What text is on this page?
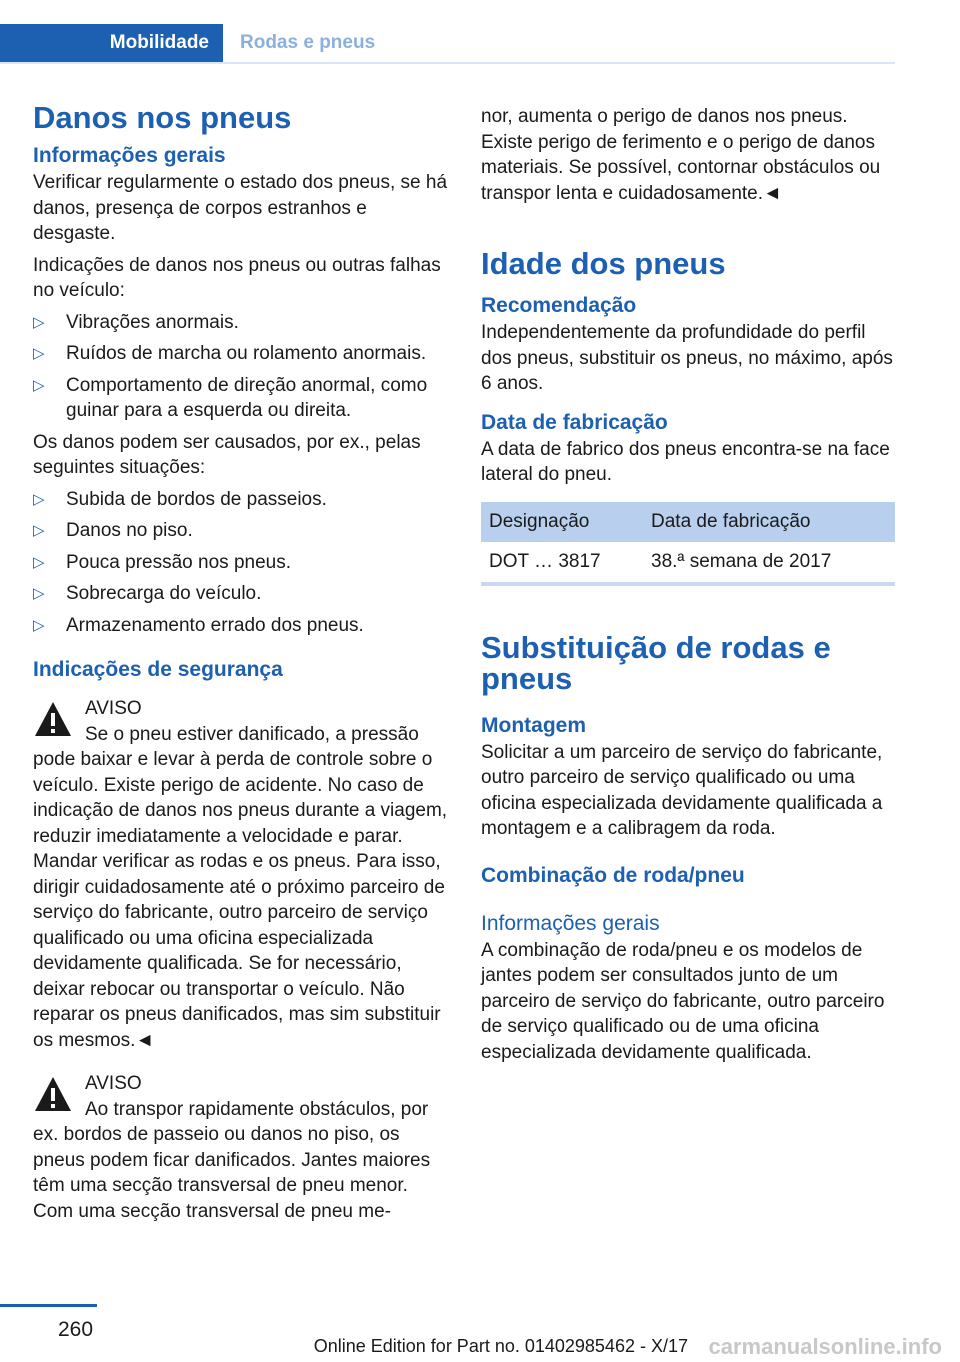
Mobilidade	Rodas e pneus
Danos nos pneus
Informações gerais

Verificar regularmente o estado dos pneus, se há danos, presença de corpos estranhos e desgaste.

Indicações de danos nos pneus ou outras falhas no veículo:

▷ Vibrações anormais.
▷ Ruídos de marcha ou rolamento anormais.
▷ Comportamento de direção anormal, como guinar para a esquerda ou direita.

Os danos podem ser causados, por ex., pelas seguintes situações:

▷ Subida de bordos de passeios.
▷ Danos no piso.
▷ Pouca pressão nos pneus.
▷ Sobrecarga do veículo.
▷ Armazenamento errado dos pneus.
Indicações de segurança

AVISO

Se o pneu estiver danificado, a pressão pode baixar e levar à perda de controle sobre o veículo. Existe perigo de acidente. No caso de indicação de danos nos pneus durante a viagem, reduzir imediatamente a velocidade e parar. Mandar verificar as rodas e os pneus. Para isso, dirigir cuidadosamente até o próximo parceiro de serviço do fabricante, outro parceiro de serviço qualificado ou uma oficina especializada devidamente qualificada. Se for necessário, deixar rebocar ou transportar o veículo. Não reparar os pneus danificados, mas sim substituir os mesmos.◄

AVISO

Ao transpor rapidamente obstáculos, por ex. bordos de passeio ou danos no piso, os pneus podem ficar danificados. Jantes maiores têm uma secção transversal de pneu menor. Com uma secção transversal de pneu me-

nor, aumenta o perigo de danos nos pneus. Existe perigo de ferimento e o perigo de danos materiais. Se possível, contornar obstáculos ou transpor lenta e cuidadosamente.◄

Idade dos pneus
Recomendação

Independentemente da profundidade do perfil dos pneus, substituir os pneus, no máximo, após 6 anos.

Data de fabricação

A data de fabrico dos pneus encontra-se na face lateral do pneu.

Designação	Data de fabricação
DOT … 3817	38.ª semana de 2017
Substituição de rodas e pneus
Montagem

Solicitar a um parceiro de serviço do fabricante, outro parceiro de serviço qualificado ou uma oficina especializada devidamente qualificada a montagem e a calibragem da roda.

Combinação de roda/pneu
Informações gerais

A combinação de roda/pneu e os modelos de jantes podem ser consultados junto de um parceiro de serviço do fabricante, outro parceiro de serviço qualificado ou de uma oficina especializada devidamente qualificada.

260
Online Edition for Part no. 01402985462 - X/17 carmanualsonline.info
